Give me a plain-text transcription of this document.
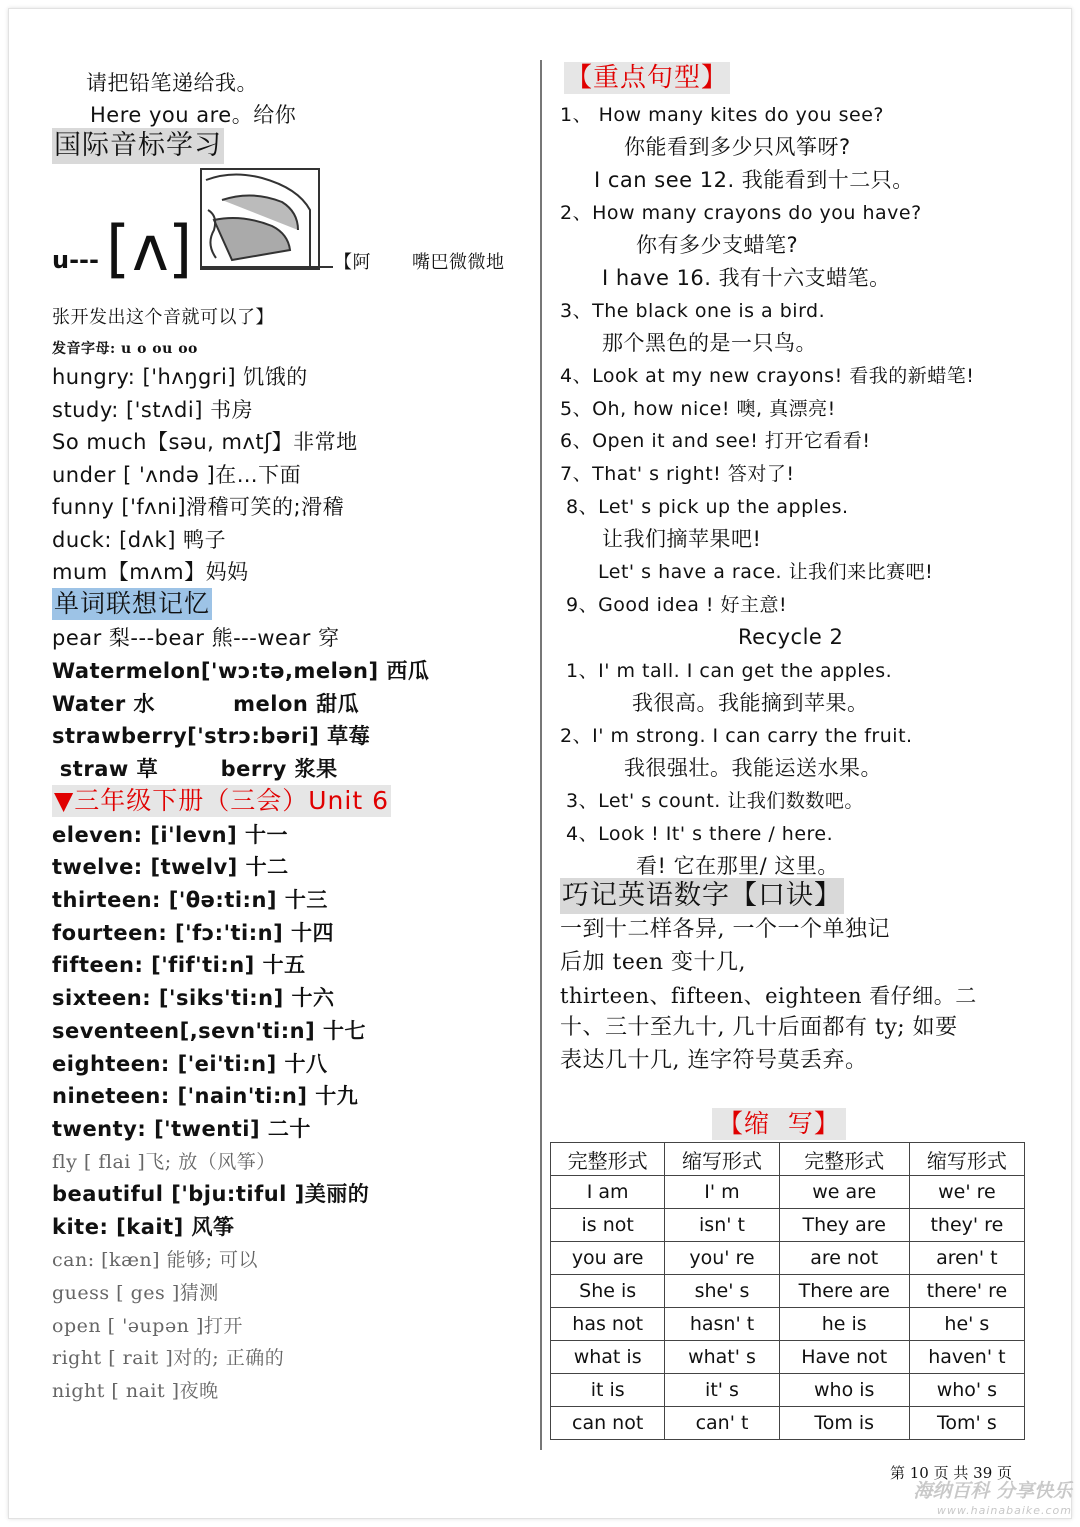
请把铅笔递给我。
Here you are。给你
国际音标学习
u--- [ ʌ ]	【阿 嘴巴微微地
张开发出这个音就可以了】
发音字母: u o ou oo
hungry: ['hʌŋgri] 饥饿的
study: ['stʌdi] 书房
So much【səu, mʌtʃ】非常地
under [ 'ʌndə ]在…下面
funny ['fʌni]滑稽可笑的;滑稽
duck: [dʌk] 鸭子
mum【mʌm】妈妈
单词联想记忆
pear 梨---bear 熊---wear 穿
Watermelon['wɔ:tə,melən] 西瓜
Water 水          melon 甜瓜
strawberry['strɔ:bəri] 草莓
straw 草        berry 浆果
▼三年级下册（三会）Unit 6
eleven: [i'levn] 十一
twelve: [twelv] 十二
thirteen: ['θə:ti:n] 十三
fourteen: ['fɔ:'ti:n] 十四
fifteen: ['fif'ti:n] 十五
sixteen: ['siks'ti:n] 十六
seventeen[,sevn'ti:n] 十七
eighteen: ['ei'ti:n] 十八
nineteen: ['nain'ti:n] 十九
twenty: ['twenti] 二十
fly [ flai ]飞; 放（风筝）
beautiful ['bju:tiful ]美丽的
kite: [kait] 风筝
can: [kæn] 能够; 可以
guess [ ges ]猜测
open [ 'əupən ]打开
right [ rait ]对的; 正确的
night [ nait ]夜晚
【重点句型】
1、 How many kites do you see?
你能看到多少只风筝呀?
I can see 12. 我能看到十二只。
2、How many crayons do you have?
你有多少支蜡笔?
I have 16. 我有十六支蜡笔。
3、The black one is a bird.
那个黑色的是一只鸟。
4、Look at my new crayons! 看我的新蜡笔!
5、Oh, how nice! 噢, 真漂亮!
6、Open it and see! 打开它看看!
7、That' s right! 答对了!
8、Let' s pick up the apples.
让我们摘苹果吧!
Let' s have a race. 让我们来比赛吧!
9、Good idea ! 好主意!
Recycle 2
1、I' m tall. I can get the apples.
我很高。我能摘到苹果。
2、I' m strong. I can carry the fruit.
我很强壮。我能运送水果。
3、Let' s count. 让我们数数吧。
4、Look ! It' s there / here.
看! 它在那里/ 这里。
巧记英语数字【口诀】
一到十二样各异, 一个一个单独记
后加 teen 变十几,
thirteen、fifteen、eighteen 看仔细。二
十、三十至九十, 几十后面都有 ty; 如要
表达几十几, 连字符号莫丢弃。
【缩  写】
完整形式	缩写形式	完整形式	缩写形式
I am	I' m	we are	we' re
is not	isn' t	They are	they' re
you are	you' re	are not	aren' t
She is	she' s	There are	there' re
has not	hasn' t	he is	he' s
what is	what' s	Have not	haven' t
it is	it' s	who is	who' s
can not	can' t	Tom is	Tom' s
第 10 页 共 39 页
海纳百科 分享快乐
www.hainabaike.com
